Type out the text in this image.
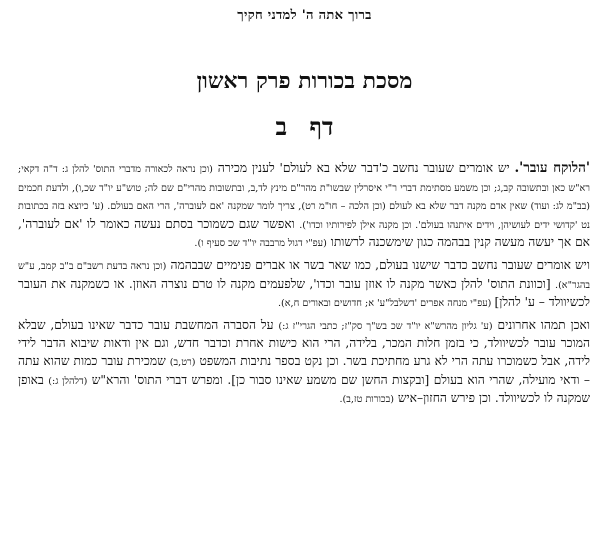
ברוך אתה ה' למדני חקיך
מסכת בכורות פרק ראשון
דף ב

'הלוקח עובר'. יש אומרים שעובר נחשב כ'דבר שלא בא לעולם' לענין מכירה (וכן נראה לכאורה מדברי התוס' להלן ג: ד"ה דקאי; רא"ש כאן ובתשובה קב,ג; וכן משמע מסתימת דברי ר"י איסרלין שבשו"ת מהר"ם מינץ לד,ב, ובתשובות מהרי"ם שם לה; טוש"ע יו"ד שכ,ו), ולדעת חכמים (בב"מ לג: ועוד) שאין אדם מקנה דבר שלא בא לעולם (וכן הלכה – חו"מ רט), צריך לומר שמקנה 'אם לעוברה', הרי האם בעולם. (ע' כיוצא בזה בכתובות נט 'קדושי ידים לעושיהן, וידים איתנהו בעולם'. וכן מקנה אילן לפירותיו וכדו'). ואפשר שגם כשמוכר בסתם נעשה כאומר לו 'אם לעוברה', אם אך יעשה מעשה קנין בבהמה כגון שימשכנה לרשותו (עפ"י דגול מרבבה יו"ד שכ סעיף ו).

ויש אומרים שעובר נחשב כדבר שישנו בעולם, כמו שאר בשר או אברים פנימיים שבבהמה (וכן נראה בדעת רשב"ם ב"ב קמב, ע"ש בהגר"א). [וכוונת התוס' להלן כאשר מקנה לו אוזן עובר וכדו', שלפעמים מקנה לו טרם נוצרה האוזן. או כשמקנה את העובר לכשיוולד – ע' להלן] (עפ"י מנחה אפרים 'דשלבל"ע' א; חדושים ובאורים ח,א).

ואכן תמהו אחרונים (ע' גליון מהרש"א יו"ד שכ בש"ך סק"ז; כתבי הגרי"ז ג:) על הסברה המחשבת עובר כדבר שאינו בעולם, שבלא המוכר עובר לכשיוולד, כי בזמן חלות המכר, בלידה, הרי הוא כישות אחרת וכדבר חדש, וגם אין ודאות שיבוא הדבר לידי לידה, אבל כשמוכרו עתה הרי לא גרע מחתיכת בשר. וכן נקט בספר נתיבות המשפט (רט,ב) שמכירת עובר כמות שהוא עתה – ודאי מועילה, שהרי הוא בעולם [ובקצות החשן שם משמע שאינו סבור כן]. ומפרש דברי התוס' והרא"ש (דלהלן ג:) באופן שמקנה לו לכשיוולד. וכן פירש החזון–איש (בכורות טז,ב).
